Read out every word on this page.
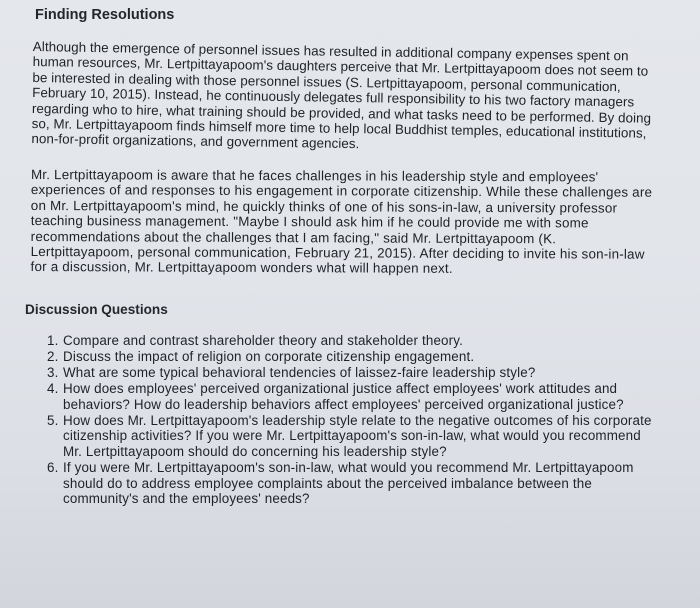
Finding Resolutions

Although the emergence of personnel issues has resulted in additional company expenses spent on human resources, Mr. Lertpittayapoom's daughters perceive that Mr. Lertpittayapoom does not seem to be interested in dealing with those personnel issues (S. Lertpittayapoom, personal communication, February 10, 2015). Instead, he continuously delegates full responsibility to his two factory managers regarding who to hire, what training should be provided, and what tasks need to be performed. By doing so, Mr. Lertpittayapoom finds himself more time to help local Buddhist temples, educational institutions, non-for-profit organizations, and government agencies.

Mr. Lertpittayapoom is aware that he faces challenges in his leadership style and employees' experiences of and responses to his engagement in corporate citizenship. While these challenges are on Mr. Lertpittayapoom's mind, he quickly thinks of one of his sons-in-law, a university professor teaching business management. "Maybe I should ask him if he could provide me with some recommendations about the challenges that I am facing," said Mr. Lertpittayapoom (K. Lertpittayapoom, personal communication, February 21, 2015). After deciding to invite his son-in-law for a discussion, Mr. Lertpittayapoom wonders what will happen next.

Discussion Questions
1. Compare and contrast shareholder theory and stakeholder theory.
2. Discuss the impact of religion on corporate citizenship engagement.
3. What are some typical behavioral tendencies of laissez-faire leadership style?
4. How does employees' perceived organizational justice affect employees' work attitudes and behaviors? How do leadership behaviors affect employees' perceived organizational justice?
5. How does Mr. Lertpittayapoom's leadership style relate to the negative outcomes of his corporate citizenship activities? If you were Mr. Lertpittayapoom's son-in-law, what would you recommend Mr. Lertpittayapoom should do concerning his leadership style?
6. If you were Mr. Lertpittayapoom's son-in-law, what would you recommend Mr. Lertpittayapoom should do to address employee complaints about the perceived imbalance between the community's and the employees' needs?
